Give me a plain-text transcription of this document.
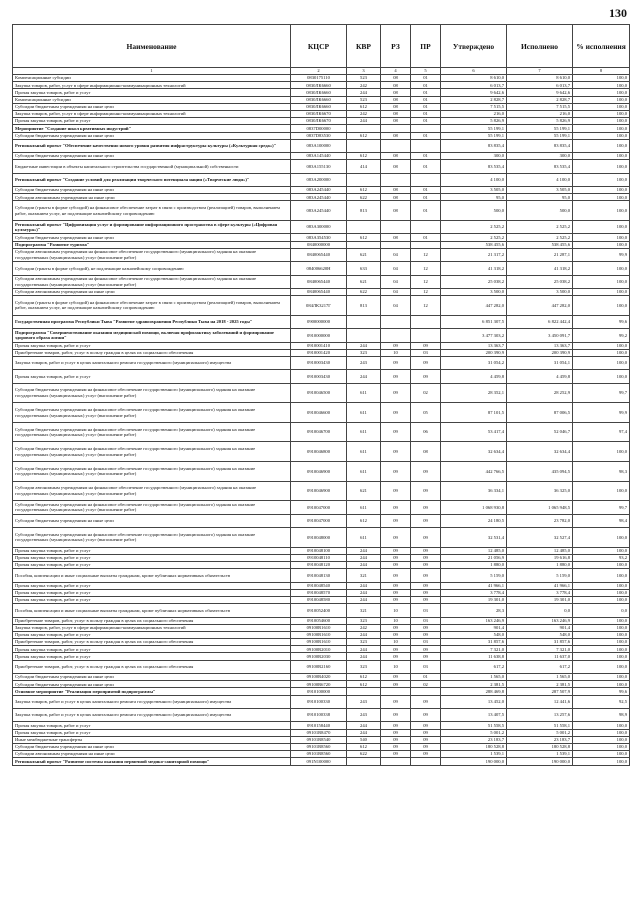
130
Наименование	КЦСР	КВР	РЗ	ПР	Утверждено	Исполнено	% исполнения
1	2	3	4	5	6	7	8
Компенсационные субсидии	0830175110	523	08	01	8 610,0	8 610,0	100,0
Закупка товаров, работ, услуг в сфере информационно-коммуникационных технологий	0830ЛК6660	242	08	01	6 013,7	6 013,7	100,0
Прочая закупка товаров, работ и услуг	0830ЛК6660	244	08	01	9 642,6	9 642,6	100,0
Компенсационные субсидии	0830ЛК6660	523	08	01	2 828,7	2 828,7	100,0
Субсидии бюджетным учреждениям на иные цели	0830ЛК6660	612	08	01	7 515,5	7 515,5	100,0
Закупка товаров, работ, услуг в сфере информационно-коммуникационных технологий	0830ЛК6670	242	08	01	216,0	216,0	100,0
Прочая закупка товаров, работ и услуг	0830ЛК6670	244	08	01	5 826,9	5 826,9	100,0
Мероприятие "Создание школ креативных индустрий"	0837D00000				55 199,1	55 199,1	100,0
Субсидии бюджетным учреждениям на иные цели	0837D83530	612	08	01	55 199,1	55 199,1	100,0
Региональный проект "Обеспечение качественно нового уровня развития инфраструктуры культуры («Культурная среда»)"	083А100000				83 835,4	83 835,4	100,0
Субсидии бюджетным учреждениям на иные цели	083А145440	612	08	01	300,0	300,0	100,0
Бюджетные инвестиции в объекты капитального строительства государственной (муниципальной) собственности	083А155130	414	08	01	83 535,4	83 535,4	100,0
Региональный проект "Создание условий для реализации творческого потенциала нации («Творческие люди»)"	083А200000				4 100,0	4 100,0	100,0
Субсидии бюджетным учреждениям на иные цели	083А245440	612	08	01	3 505,0	3 505,0	100,0
Субсидии автономным учреждениям на иные цели	083А245440	622	08	01	95,0	95,0	100,0
Субсидии (гранты в форме субсидий) на финансовое обеспечение затрат в связи с производством (реализацией) товаров, выполнением работ, оказанием услуг, не подлежащие казначейскому сопровождению	083А245440	813	08	01	500,0	500,0	100,0
Региональный проект "Цифровизация услуг и формирование информационного пространства в сфере культуры («Цифровая культура»)"	083А300000				2 525,2	2 525,2	100,0
Субсидии бюджетным учреждениям на иные цели	083А354530	612	08	01	2 525,2	2 525,2	100,0
Подпрограмма "Развитие туризма"	0840000000				538 455,6	538 455,6	100,0
Субсидии автономным учреждениям на финансовое обеспечение государственного (муниципального) задания на оказание государственных (муниципальных) услуг (выполнение работ)	0840065440	621	04	12	21 317,2	21 287,1	99,9
Субсидии (гранты в форме субсидий), не подлежащие казначейскому сопровождению	084006620Н	633	04	12	41 318,2	41 318,2	100,0
Субсидии автономным учреждениям на финансовое обеспечение государственного (муниципального) задания на оказание государственных (муниципальных) услуг (выполнение работ)	0840065440	621	04	12	25 038,2	25 038,2	100,0
Субсидии автономным учреждениям на иные цели	0840065440	622	04	12	3 500,0	3 500,0	100,0
Субсидии (гранты в форме субсидий) на финансовое обеспечение затрат в связи с производством (реализацией) товаров, выполнением работ, оказанием услуг, не подлежащие казначейскому сопровождению	084ЛК3217Г	813	04	12	447 282,0	447 282,0	100,0
Государственная программа Республики Тыва "Развитие здравоохранения Республики Тыва на 2018 - 2025 годы"	0900000000				6 851 307,5	6 822 442,4	99,6
Подпрограмма "Совершенствование оказания медицинской помощи, включая профилактику заболеваний и формирование здорового образа жизни"	0910000000				3 477 303,2	3 450 091,7	99,2
Прочая закупка товаров, работ и услуг	0910001410	244	09	09	13 363,7	13 363,7	100,0
Приобретение товаров, работ, услуг в пользу граждан в целях их социального обеспечения	0910001420	323	10	03	200 390,9	200 390,9	100,0
Закупка товаров, работ и услуг в целях капитального ремонта государственного (муниципального) имущества	0910003430	243	09	09	31 054,2	31 054,1	100,0
Прочая закупка товаров, работ и услуг	0910003430	244	09	09	4 459,8	4 459,8	100,0
Субсидии бюджетным учреждениям на финансовое обеспечение государственного (муниципального) задания на оказание государственных (муниципальных) услуг (выполнение работ)	0910046500	611	09	02	28 352,1	28 252,9	99,7
Субсидии бюджетным учреждениям на финансовое обеспечение государственного (муниципального) задания на оказание государственных (муниципальных) услуг (выполнение работ)	0910046600	611	09	05	87 101,5	87 006,5	99,9
Субсидии бюджетным учреждениям на финансовое обеспечение государственного (муниципального) задания на оказание государственных (муниципальных) услуг (выполнение работ)	0910046700	611	09	06	53 417,4	52 046,7	97,4
Субсидии бюджетным учреждениям на финансовое обеспечение государственного (муниципального) задания на оказание государственных (муниципальных) услуг (выполнение работ)	0910046800	611	09	08	32 634,4	32 634,4	100,0
Субсидии бюджетным учреждениям на финансовое обеспечение государственного (муниципального) задания на оказание государственных (муниципальных) услуг (выполнение работ)	0910046900	611	09	09	442 766,5	435 094,5	98,3
Субсидии автономным учреждениям на финансовое обеспечение государственного (муниципального) задания на оказание государственных (муниципальных) услуг (выполнение работ)	0910046900	621	09	09	36 334,1	36 325,0	100,0
Субсидии бюджетным учреждениям на финансовое обеспечение государственного (муниципального) задания на оказание государственных (муниципальных) услуг (выполнение работ)	0910047000	611	09	09	1 068 930,8	1 065 948,5	99,7
Субсидии бюджетным учреждениям на иные цели	0910047000	612	09	09	24 180,5	23 782,0	98,4
Субсидии бюджетным учреждениям на финансовое обеспечение государственного (муниципального) задания на оказание государственных (муниципальных) услуг (выполнение работ)	0910048000	611	09	09	32 531,4	32 527,4	100,0
Прочая закупка товаров, работ и услуг	0910048100	244	09	09	12 485,0	12 485,0	100,0
Прочая закупка товаров, работ и услуг	0910048110	244	09	09	21 056,9	19 616,8	93,2
Прочая закупка товаров, работ и услуг	0910048120	244	09	09	1 880,0	1 880,0	100,0
Пособия, компенсации и иные социальные выплаты гражданам, кроме публичных нормативных обязательств	0910048130	321	09	09	5 159,0	5 159,0	100,0
Прочая закупка товаров, работ и услуг	0910048540	244	09	09	41 966,1	41 966,1	100,0
Прочая закупка товаров, работ и услуг	0910048570	244	09	09	3 778,4	3 778,4	100,0
Прочая закупка товаров, работ и услуг	0910048580	244	09	09	19 301,0	19 301,0	100,0
Пособия, компенсации и иные социальные выплаты гражданам, кроме публичных нормативных обязательств	0910052400	321	10	03	28,3	0,0	0,0
Приобретение товаров, работ, услуг в пользу граждан в целях их социального обеспечения	0910054600	323	10	03	163 246,9	163 246,9	100,0
Закупка товаров, работ, услуг в сфере информационно-коммуникационных технологий	09100R1610	242	09	09	901,4	901,4	100,0
Прочая закупка товаров, работ и услуг	09100R1610	244	09	09	548,0	548,0	100,0
Приобретение товаров, работ, услуг в пользу граждан в целях их социального обеспечения	09100R1610	323	10	03	31 857,6	31 857,6	100,0
Прочая закупка товаров, работ и услуг	09100R2010	244	09	09	7 321,0	7 321,0	100,0
Прочая закупка товаров, работ и услуг	09100R2030	244	09	09	11 638,8	11 637,0	100,0
Приобретение товаров, работ, услуг в пользу граждан в целях их социального обеспечения	09100R2160	323	10	03	617,2	617,2	100,0
Субсидии бюджетным учреждениям на иные цели	09100R4020	612	09	01	1 565,0	1 565,0	100,0
Субсидии бюджетным учреждениям на иные цели	09100R6720	612	09	02	2 381,5	2 381,5	100,0
Основное мероприятие "Реализация мероприятий подпрограммы"	0910100000				288 469,8	287 507,9	99,6
Закупка товаров, работ и услуг в целях капитального ремонта государственного (муниципального) имущества	0910100330	243	09	09	13 452,0	12 441,6	92,5
Закупка товаров, работ и услуг в целях капитального ремонта государственного (муниципального) имущества	0910100338	243	09	09	13 407,5	13 257,6	98,9
Прочая закупка товаров, работ и услуг	0910158440	244	09	09	51 558,5	51 558,1	100,0
Прочая закупка товаров, работ и услуг	09101R8470	244	09	09	5 001,2	5 001,2	100,0
Иные межбюджетные трансферты	09101R8540	540	09	09	23 183,7	23 183,7	100,0
Субсидии бюджетным учреждениям на иные цели	09101R8560	612	09	09	180 528,8	180 528,8	100,0
Субсидии автономным учреждениям на иные цели	09101R8560	622	09	09	1 539,1	1 539,1	100,0
Региональный проект "Развитие системы оказания первичной медико-санитарной помощи"	091N100000				190 000,0	190 000,0	100,0
